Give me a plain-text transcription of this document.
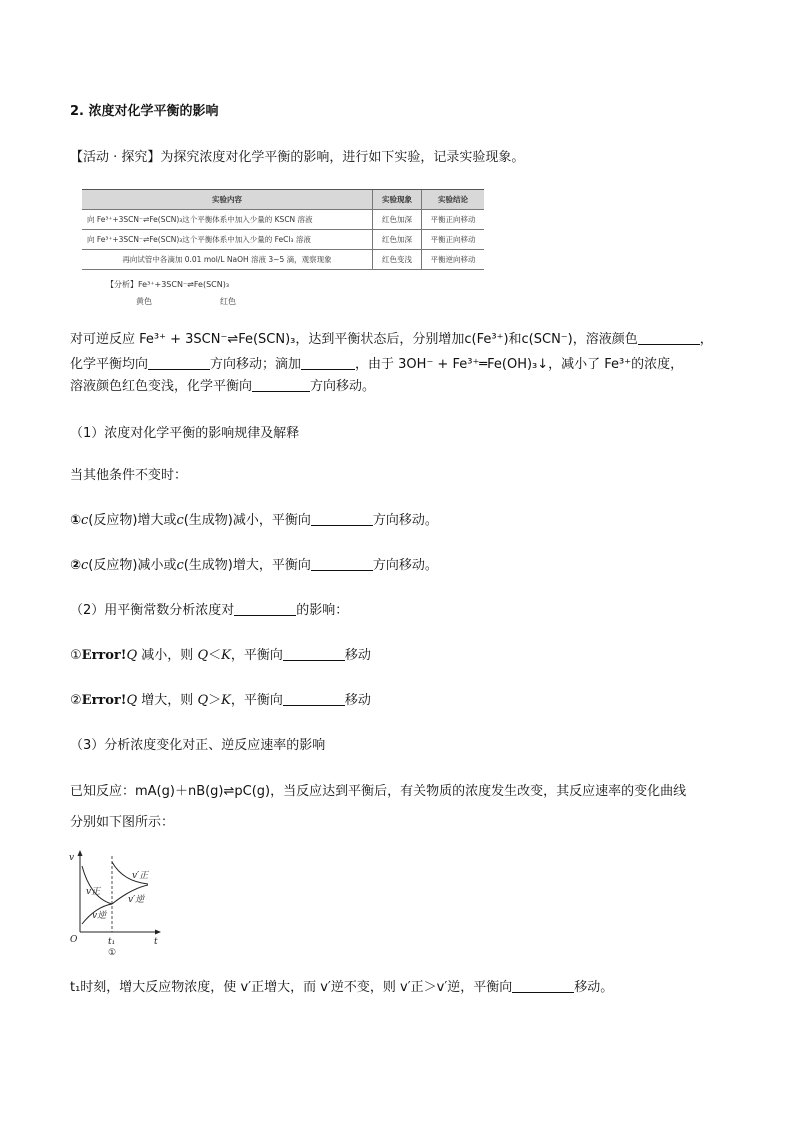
2. 浓度对化学平衡的影响
【活动 · 探究】为探究浓度对化学平衡的影响，进行如下实验，记录实验现象。
实验内容	实验现象	实验结论
向 Fe³⁺+3SCN⁻⇌Fe(SCN)₃这个平衡体系中加入少量的 KSCN 溶液	红色加深	平衡正向移动
向 Fe³⁺+3SCN⁻⇌Fe(SCN)₃这个平衡体系中加入少量的 FeCl₃ 溶液	红色加深	平衡正向移动
再向试管中各滴加 0.01 mol/L NaOH 溶液 3~5 滴，观察现象	红色变浅	平衡逆向移动
【分析】Fe³⁺+3SCN⁻⇌Fe(SCN)₃
黄色	红色
对可逆反应 Fe³⁺ + 3SCN⁻⇌Fe(SCN)₃，达到平衡状态后，分别增加c(Fe³⁺)和c(SCN⁻)，溶液颜色	，
化学平衡均向	方向移动；滴加	，由于 3OH⁻ + Fe³⁺═Fe(OH)₃↓，减小了 Fe³⁺的浓度，
溶液颜色红色变浅，化学平衡向	方向移动。
（1）浓度对化学平衡的影响规律及解释
当其他条件不变时：
①c(反应物)增大或c(生成物)减小，平衡向	方向移动。
②c(反应物)减小或c(生成物)增大，平衡向	方向移动。
（2）用平衡常数分析浓度对	的影响：
①Error!Q 减小，则 Q＜K，平衡向	移动
②Error!Q 增大，则 Q＞K，平衡向	移动
（3）分析浓度变化对正、逆反应速率的影响
已知反应：mA(g)＋nB(g)⇌pC(g)，当反应达到平衡后，有关物质的浓度发生改变，其反应速率的变化曲线
分别如下图所示：
v
t
O	t₁
v正
v逆
v′正
v′逆
①
t₁时刻，增大反应物浓度，使 v′正增大，而 v′逆不变，则 v′正＞v′逆，平衡向	移动。
